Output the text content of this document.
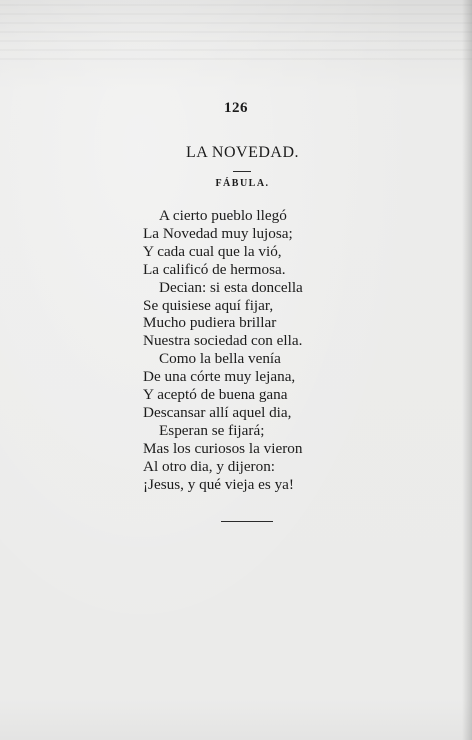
126
LA NOVEDAD.
FÁBULA.
A cierto pueblo llegó
La Novedad muy lujosa;
Y cada cual que la vió,
La calificó de hermosa.
Decian: si esta doncella
Se quisiese aquí fijar,
Mucho pudiera brillar
Nuestra sociedad con ella.
Como la bella venía
De una córte muy lejana,
Y aceptó de buena gana
Descansar allí aquel dia,
Esperan se fijará;
Mas los curiosos la vieron
Al otro dia, y dijeron:
¡Jesus, y qué vieja es ya!
